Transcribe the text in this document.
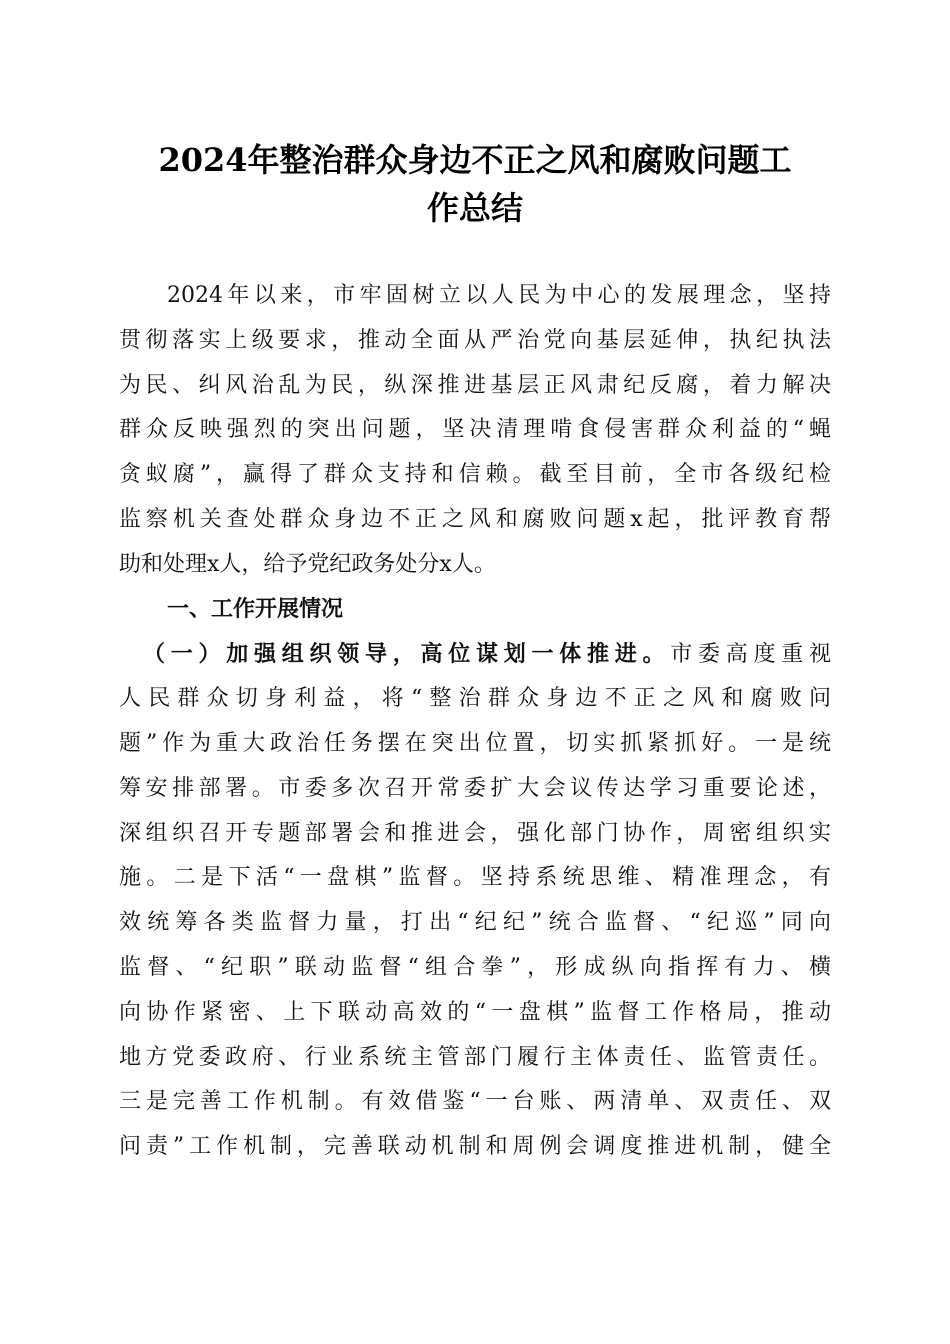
2024年整治群众身边不正之风和腐败问题工
作总结
2024年以来，市牢固树立以人民为中心的发展理念，坚持
贯彻落实上级要求，推动全面从严治党向基层延伸，执纪执法
为民、纠风治乱为民，纵深推进基层正风肃纪反腐，着力解决
群众反映强烈的突出问题，坚决清理啃食侵害群众利益的“蝇
贪蚁腐”，赢得了群众支持和信赖。截至目前，全市各级纪检
监察机关查处群众身边不正之风和腐败问题x起，批评教育帮
助和处理x人，给予党纪政务处分x人。
一、工作开展情况
（一）加强组织领导，高位谋划一体推进。市委高度重视
人民群众切身利益，将“整治群众身边不正之风和腐败问
题”作为重大政治任务摆在突出位置，切实抓紧抓好。一是统
筹安排部署。市委多次召开常委扩大会议传达学习重要论述，
深组织召开专题部署会和推进会，强化部门协作，周密组织实
施。二是下活“一盘棋”监督。坚持系统思维、精准理念，有
效统筹各类监督力量，打出“纪纪”统合监督、“纪巡”同向
监督、“纪职”联动监督“组合拳”，形成纵向指挥有力、横
向协作紧密、上下联动高效的“一盘棋”监督工作格局，推动
地方党委政府、行业系统主管部门履行主体责任、监管责任。
三是完善工作机制。有效借鉴“一台账、两清单、双责任、双
问责”工作机制，完善联动机制和周例会调度推进机制，健全
